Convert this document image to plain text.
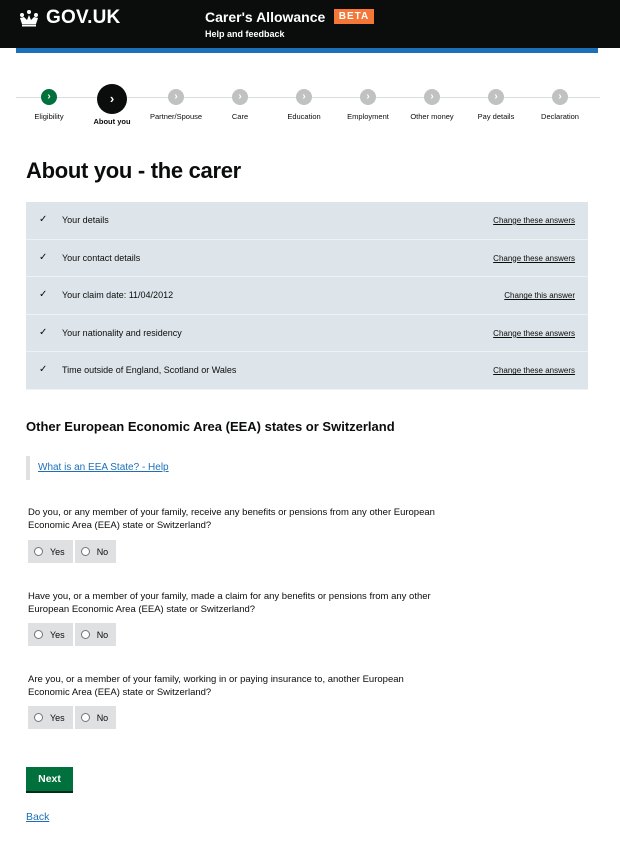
GOV.UK	Carer's Allowance BETA
Help and feedback
›
Eligibility
›
About you
›
Partner/Spouse
›
Care
›
Education
›
Employment
›
Other money
›
Pay details
›
Declaration
About you - the carer
✓ Your details	Change these answers
✓ Your contact details	Change these answers
✓ Your claim date: 11/04/2012	Change this answer
✓ Your nationality and residency	Change these answers
✓ Time outside of England, Scotland or Wales	Change these answers
Other European Economic Area (EEA) states or Switzerland
What is an EEA State? - Help

Do you, or any member of your family, receive any benefits or pensions from any other European Economic Area (EEA) state or Switzerland?

Yes	No

Have you, or a member of your family, made a claim for any benefits or pensions from any other European Economic Area (EEA) state or Switzerland?

Yes	No

Are you, or a member of your family, working in or paying insurance to, another European Economic Area (EEA) state or Switzerland?

Yes	No
Next
Back
